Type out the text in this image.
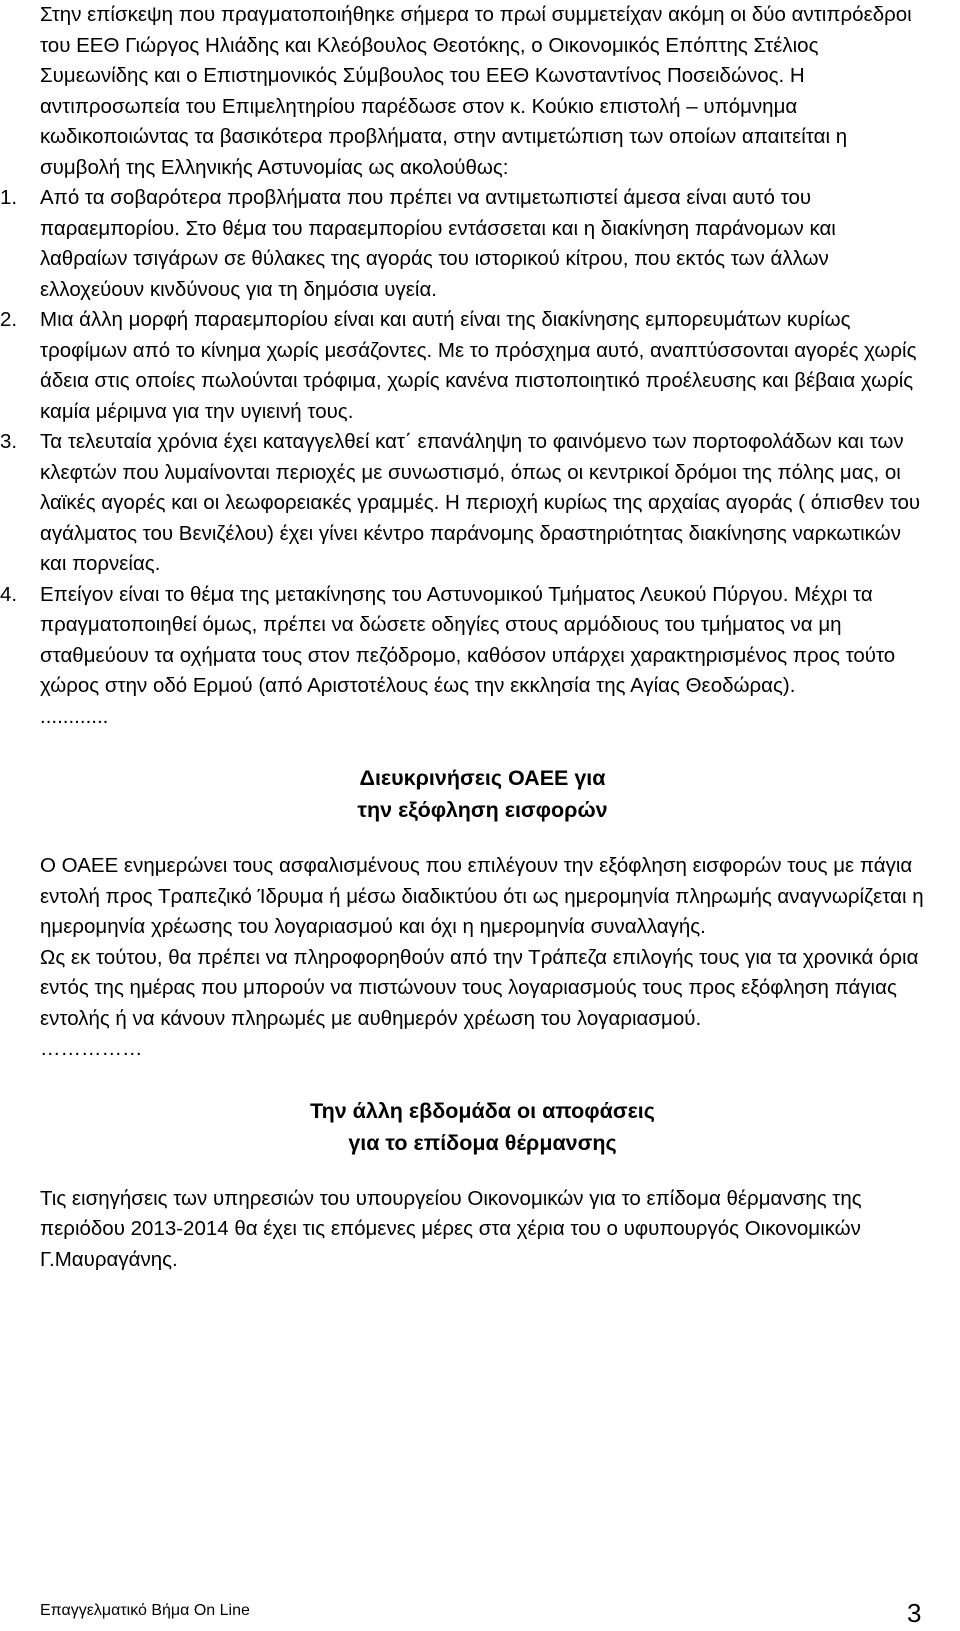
Στην επίσκεψη που πραγματοποιήθηκε σήμερα το πρωί συμμετείχαν ακόμη οι δύο αντιπρόεδροι του ΕΕΘ Γιώργος Ηλιάδης και Κλεόβουλος Θεοτόκης, ο Οικονομικός Επόπτης Στέλιος Συμεωνίδης και ο Επιστημονικός Σύμβουλος του ΕΕΘ Κωνσταντίνος Ποσειδώνος. Η αντιπροσωπεία του Επιμελητηρίου παρέδωσε στον κ. Κούκιο επιστολή – υπόμνημα κωδικοποιώντας τα βασικότερα προβλήματα, στην αντιμετώπιση των οποίων απαιτείται η συμβολή της Ελληνικής Αστυνομίας ως ακολούθως:

1.	Από τα σοβαρότερα προβλήματα που πρέπει να αντιμετωπιστεί άμεσα είναι αυτό του παραεμπορίου. Στο θέμα του παραεμπορίου εντάσσεται και η διακίνηση παράνομων και λαθραίων τσιγάρων σε θύλακες της αγοράς του ιστορικού κίτρου, που εκτός των άλλων ελλοχεύουν κινδύνους για τη δημόσια υγεία.
2.	Μια άλλη μορφή παραεμπορίου είναι και αυτή είναι της διακίνησης εμπορευμάτων κυρίως τροφίμων από το κίνημα χωρίς μεσάζοντες. Με το πρόσχημα αυτό, αναπτύσσονται αγορές χωρίς άδεια στις οποίες πωλούνται τρόφιμα, χωρίς κανένα πιστοποιητικό προέλευσης και βέβαια χωρίς καμία μέριμνα για την υγιεινή τους.
3.	Τα τελευταία χρόνια έχει καταγγελθεί κατ΄ επανάληψη το φαινόμενο των πορτοφολάδων και των κλεφτών που λυμαίνονται περιοχές με συνωστισμό, όπως οι κεντρικοί δρόμοι της πόλης μας, οι λαϊκές αγορές και οι λεωφορειακές γραμμές. Η περιοχή κυρίως της αρχαίας αγοράς ( όπισθεν του αγάλματος του Βενιζέλου) έχει γίνει κέντρο παράνομης δραστηριότητας διακίνησης ναρκωτικών και πορνείας.
4.	Επείγον είναι το θέμα της μετακίνησης του Αστυνομικού Τμήματος Λευκού Πύργου. Μέχρι τα πραγματοποιηθεί όμως, πρέπει να δώσετε οδηγίες στους αρμόδιους του τμήματος να μη σταθμεύουν τα οχήματα τους στον πεζόδρομο, καθόσον υπάρχει χαρακτηρισμένος προς τούτο χώρος στην οδό Ερμού (από Αριστοτέλους έως την εκκλησία της Αγίας Θεοδώρας).

............

Διευκρινήσεις ΟΑΕΕ για
την εξόφληση εισφορών

Ο ΟΑΕΕ ενημερώνει τους ασφαλισμένους που επιλέγουν την εξόφληση εισφορών τους με πάγια εντολή προς Τραπεζικό Ίδρυμα ή μέσω διαδικτύου ότι ως ημερομηνία πληρωμής αναγνωρίζεται η ημερομηνία χρέωσης του λογαριασμού και όχι η ημερομηνία συναλλαγής.

Ως εκ τούτου, θα πρέπει να πληροφορηθούν από την Τράπεζα επιλογής τους για τα χρονικά όρια εντός της ημέρας που μπορούν να πιστώνουν τους λογαριασμούς τους προς εξόφληση πάγιας εντολής ή να κάνουν πληρωμές με αυθημερόν χρέωση του λογαριασμού.

……………

Την άλλη εβδομάδα οι αποφάσεις
για το επίδομα θέρμανσης

Τις εισηγήσεις των υπηρεσιών του υπουργείου Οικονομικών για το επίδομα θέρμανσης της περιόδου 2013-2014 θα έχει τις επόμενες μέρες στα χέρια του ο υφυπουργός Οικονομικών Γ.Μαυραγάνης.

Επαγγελματικό Βήμα On Line	3
